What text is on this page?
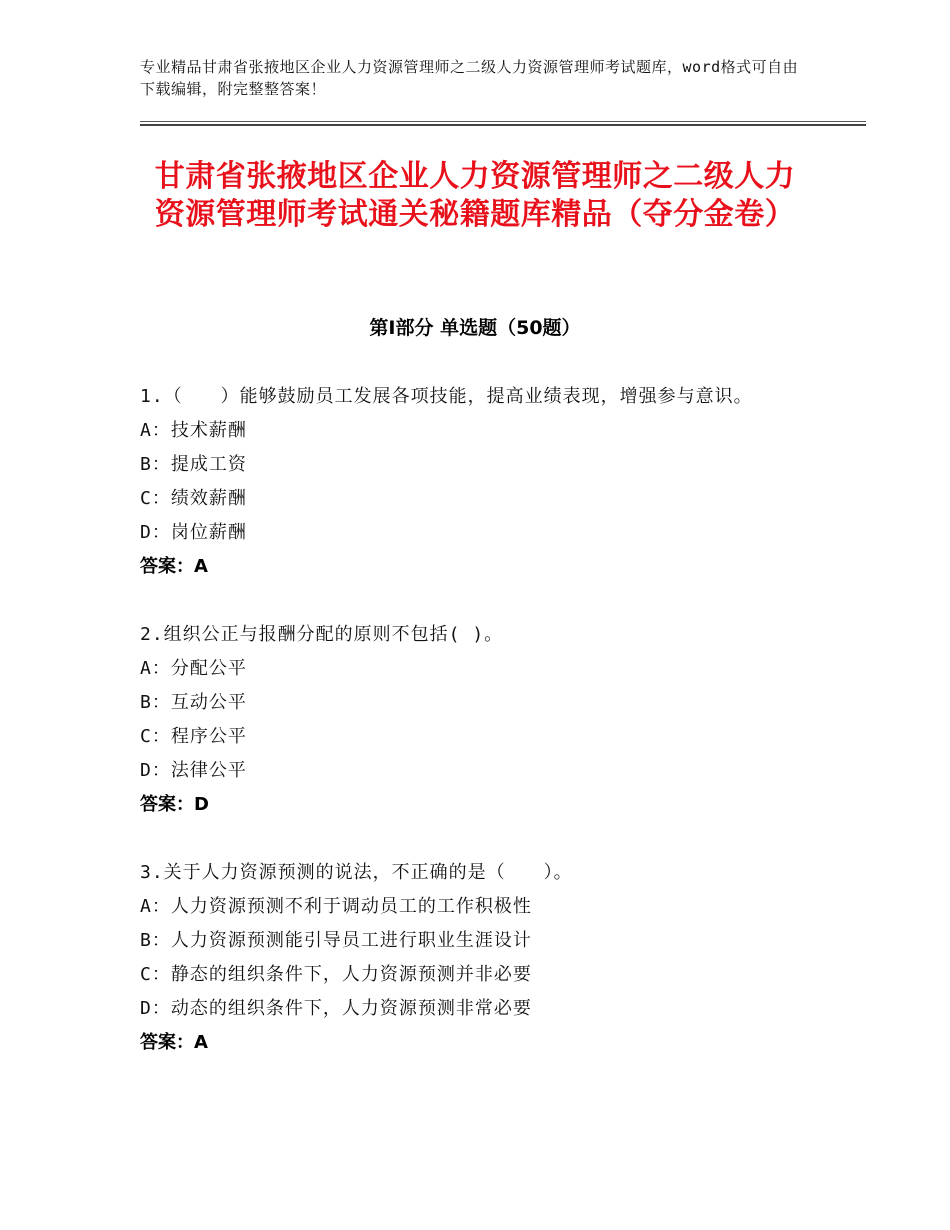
专业精品甘肃省张掖地区企业人力资源管理师之二级人力资源管理师考试题库，word格式可自由下载编辑，附完整整答案！
甘肃省张掖地区企业人力资源管理师之二级人力资源管理师考试通关秘籍题库精品（夺分金卷）
第Ⅰ部分 单选题（50题）
1.（　　）能够鼓励员工发展各项技能，提高业绩表现，增强参与意识。
A：技术薪酬
B：提成工资
C：绩效薪酬
D：岗位薪酬
答案：A
2.组织公正与报酬分配的原则不包括( )。
A：分配公平
B：互动公平
C：程序公平
D：法律公平
答案：D
3.关于人力资源预测的说法，不正确的是（　　）。
A：人力资源预测不利于调动员工的工作积极性
B：人力资源预测能引导员工进行职业生涯设计
C：静态的组织条件下，人力资源预测并非必要
D：动态的组织条件下，人力资源预测非常必要
答案：A
